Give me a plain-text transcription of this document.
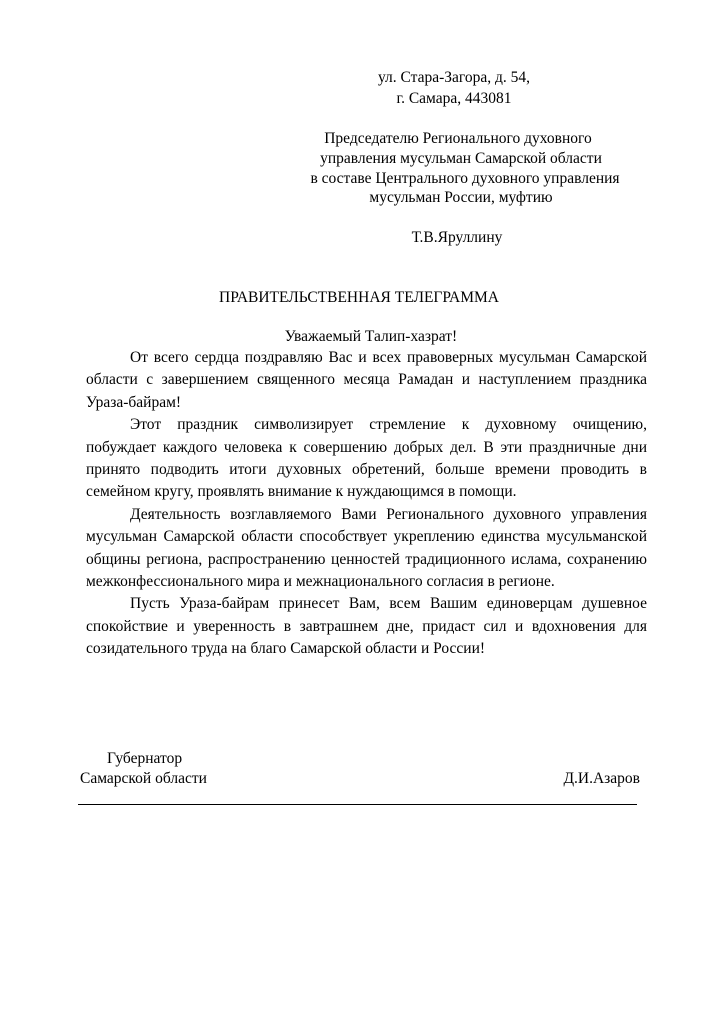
ул. Стара-Загора, д. 54,
г. Самара, 443081
Председателю Регионального духовного
управления мусульман Самарской области
в составе Центрального духовного управления
мусульман России, муфтию
Т.В.Яруллину
ПРАВИТЕЛЬСТВЕННАЯ ТЕЛЕГРАММА
Уважаемый Талип-хазрат!

От всего сердца поздравляю Вас и всех правоверных мусульман Самарской области с завершением священного месяца Рамадан и наступлением праздника Ураза-байрам!

Этот праздник символизирует стремление к духовному очищению, побуждает каждого человека к совершению добрых дел. В эти праздничные дни принято подводить итоги духовных обретений, больше времени проводить в семейном кругу, проявлять внимание к нуждающимся в помощи.

Деятельность возглавляемого Вами Регионального духовного управления мусульман Самарской области способствует укреплению единства мусульманской общины региона, распространению ценностей традиционного ислама, сохранению межконфессионального мира и межнационального согласия в регионе.

Пусть Ураза-байрам принесет Вам, всем Вашим единоверцам душевное спокойствие и уверенность в завтрашнем дне, придаст сил и вдохновения для созидательного труда на благо Самарской области и России!

Губернатор
Самарской области	Д.И.Азаров
